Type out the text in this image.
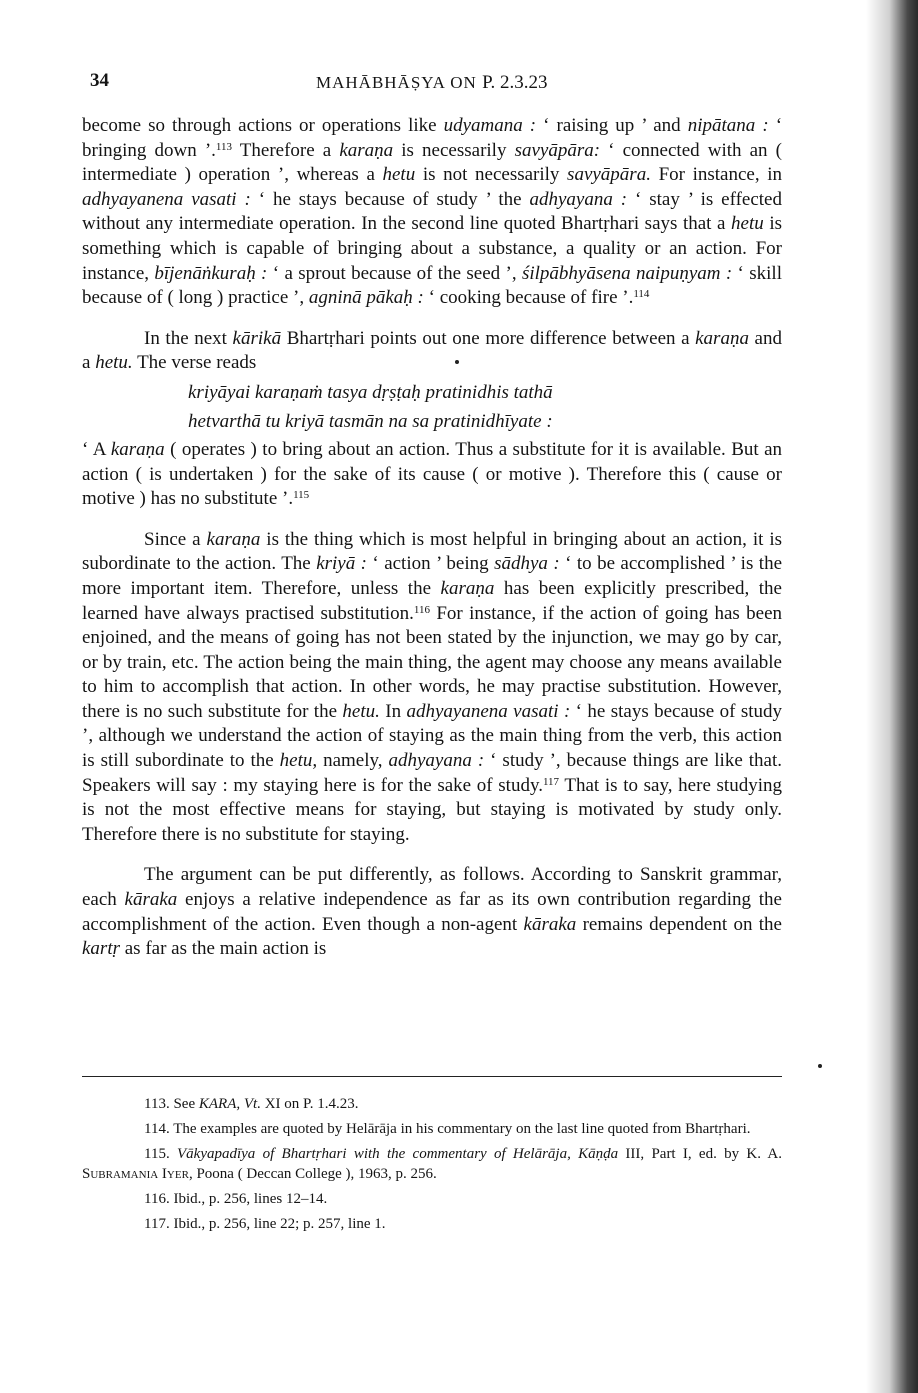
34	MAHĀBHĀṢYA ON P. 2.3.23

become so through actions or operations like udyamana : ‘ raising up ’ and nipātana : ‘ bringing down ’.$^{113}$ Therefore a karaṇa is necessarily savyāpāra: ‘ connected with an ( intermediate ) operation ’, whereas a hetu is not necessarily savyāpāra. For instance, in adhyayanena vasati : ‘ he stays because of study ’ the adhyayana : ‘ stay ’ is effected without any intermediate operation. In the second line quoted Bhartṛhari says that a hetu is something which is capable of bringing about a substance, a quality or an action. For instance, bījenāṅkuraḥ : ‘ a sprout because of the seed ’, śilpābhyāsena naipuṇyam : ‘ skill because of ( long ) practice ’, agninā pākaḥ : ‘ cooking because of fire ’.$^{114}$

In the next kārikā Bhartṛhari points out one more difference between a karaṇa and a hetu. The verse reads

kriyāyai karaṇaṁ tasya dṛṣṭaḥ pratinidhis tathā
hetvarthā tu kriyā tasmān na sa pratinidhīyate :

‘ A karaṇa ( operates ) to bring about an action. Thus a substitute for it is available. But an action ( is undertaken ) for the sake of its cause ( or motive ). Therefore this ( cause or motive ) has no substitute ’.$^{115}$

Since a karaṇa is the thing which is most helpful in bringing about an action, it is subordinate to the action. The kriyā : ‘ action ’ being sādhya : ‘ to be accomplished ’ is the more important item. Therefore, unless the karaṇa has been explicitly prescribed, the learned have always practised substitution.$^{116}$ For instance, if the action of going has been enjoined, and the means of going has not been stated by the injunction, we may go by car, or by train, etc. The action being the main thing, the agent may choose any means available to him to accomplish that action. In other words, he may practise substitution. However, there is no such substitute for the hetu. In adhyayanena vasati : ‘ he stays because of study ’, although we understand the action of staying as the main thing from the verb, this action is still subordinate to the hetu, namely, adhyayana : ‘ study ’, because things are like that. Speakers will say : my staying here is for the sake of study.$^{117}$ That is to say, here studying is not the most effective means for staying, but staying is motivated by study only. Therefore there is no substitute for staying.

The argument can be put differently, as follows. According to Sanskrit grammar, each kāraka enjoys a relative independence as far as its own contribution regarding the accomplishment of the action. Even though a non-agent kāraka remains dependent on the kartṛ as far as the main action is

113. See KARA, Vt. XI on P. 1.4.23.

114. The examples are quoted by Helārāja in his commentary on the last line quoted from Bhartṛhari.

115. Vākyapadīya of Bhartṛhari with the commentary of Helārāja, Kāṇḍa III, Part I, ed. by K. A. Subramania Iyer, Poona ( Deccan College ), 1963, p. 256.

116. Ibid., p. 256, lines 12–14.

117. Ibid., p. 256, line 22; p. 257, line 1.
